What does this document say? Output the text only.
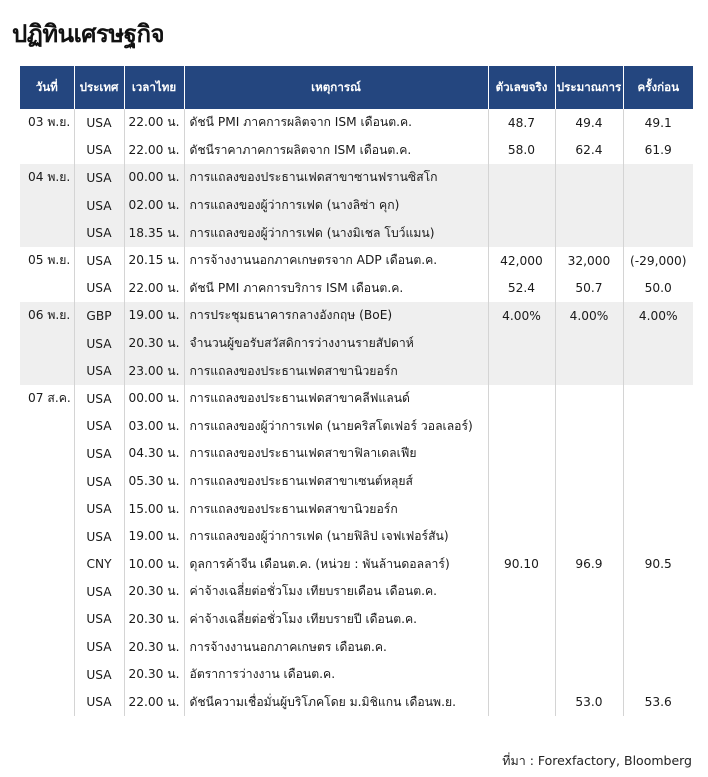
ปฏิทินเศรษฐกิจ
วันที่	ประเทศ	เวลาไทย	เหตุการณ์	ตัวเลขจริง	ประมาณการ	ครั้งก่อน
03 พ.ย.	USA	22.00 น.	ดัชนี PMI ภาคการผลิตจาก ISM เดือนต.ค.	48.7	49.4	49.1
	USA	22.00 น.	ดัชนีราคาภาคการผลิตจาก ISM เดือนต.ค.	58.0	62.4	61.9
04 พ.ย.	USA	00.00 น.	การแถลงของประธานเฟดสาขาซานฟรานซิสโก			
	USA	02.00 น.	การแถลงของผู้ว่าการเฟด (นางลิซ่า คุก)			
	USA	18.35 น.	การแถลงของผู้ว่าการเฟด (นางมิเชล โบว์แมน)			
05 พ.ย.	USA	20.15 น.	การจ้างงานนอกภาคเกษตรจาก ADP เดือนต.ค.	42,000	32,000	(-29,000)
	USA	22.00 น.	ดัชนี PMI ภาคการบริการ ISM เดือนต.ค.	52.4	50.7	50.0
06 พ.ย.	GBP	19.00 น.	การประชุมธนาคารกลางอังกฤษ (BoE)	4.00%	4.00%	4.00%
	USA	20.30 น.	จำนวนผู้ขอรับสวัสดิการว่างงานรายสัปดาห์			
	USA	23.00 น.	การแถลงของประธานเฟดสาขานิวยอร์ก			
07 ส.ค.	USA	00.00 น.	การแถลงของประธานเฟดสาขาคลีฟแลนด์			
	USA	03.00 น.	การแถลงของผู้ว่าการเฟด (นายคริสโตเฟอร์ วอลเลอร์)			
	USA	04.30 น.	การแถลงของประธานเฟดสาขาฟิลาเดลเฟีย			
	USA	05.30 น.	การแถลงของประธานเฟดสาขาเซนต์หลุยส์			
	USA	15.00 น.	การแถลงของประธานเฟดสาขานิวยอร์ก			
	USA	19.00 น.	การแถลงของผู้ว่าการเฟด (นายฟิลิป เจฟเฟอร์สัน)			
	CNY	10.00 น.	ดุลการค้าจีน เดือนต.ค. (หน่วย : พันล้านดอลลาร์)	90.10	96.9	90.5
	USA	20.30 น.	ค่าจ้างเฉลี่ยต่อชั่วโมง เทียบรายเดือน เดือนต.ค.			
	USA	20.30 น.	ค่าจ้างเฉลี่ยต่อชั่วโมง เทียบรายปี เดือนต.ค.			
	USA	20.30 น.	การจ้างงานนอกภาคเกษตร เดือนต.ค.			
	USA	20.30 น.	อัตราการว่างงาน เดือนต.ค.			
	USA	22.00 น.	ดัชนีความเชื่อมั่นผู้บริโภคโดย ม.มิชิแกน เดือนพ.ย.		53.0	53.6
ที่มา : Forexfactory, Bloomberg
